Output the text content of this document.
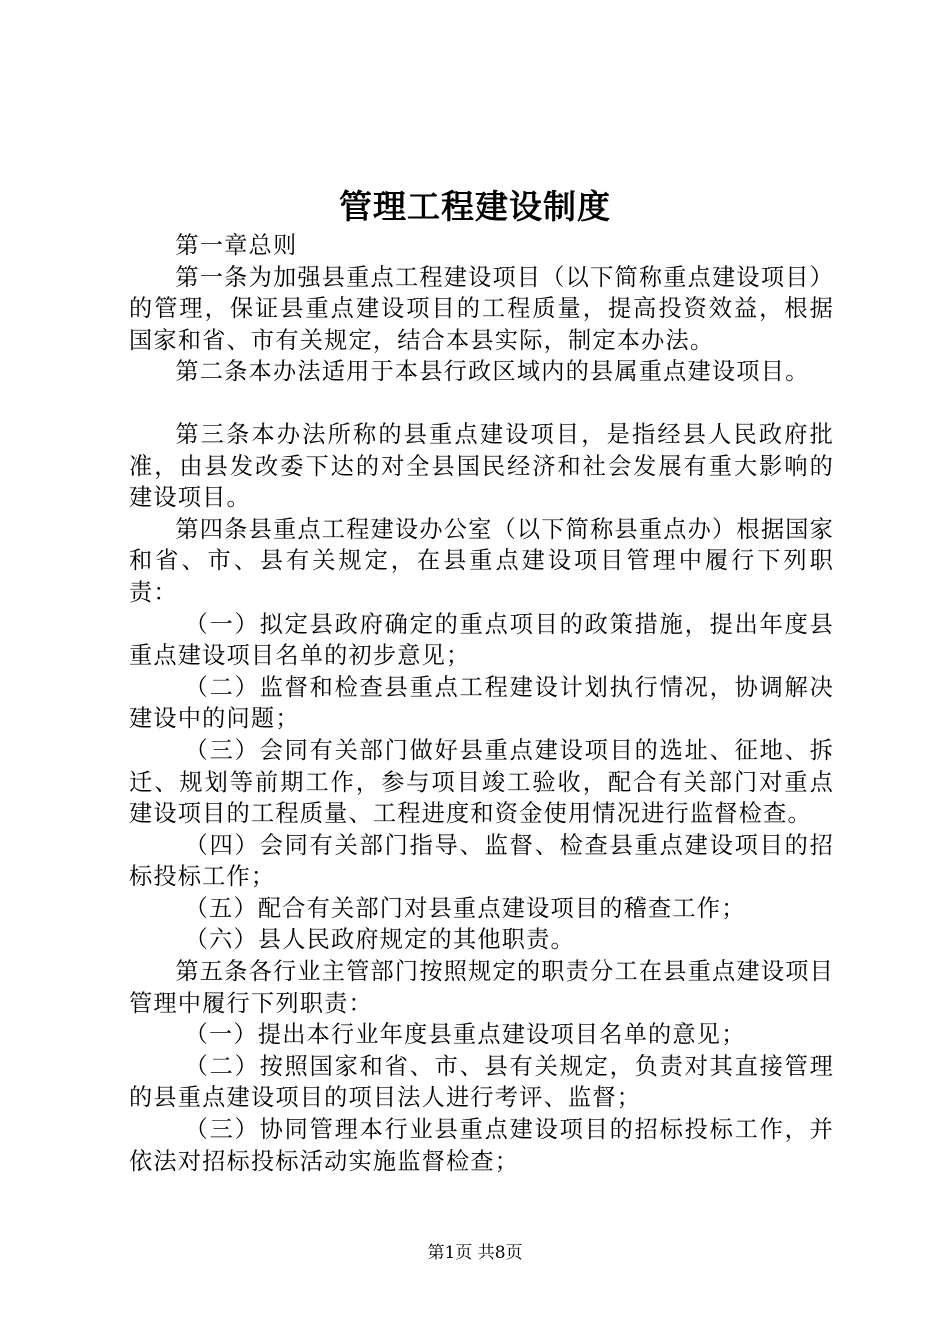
管理工程建设制度

第一章总则

第一条为加强县重点工程建设项目（以下简称重点建设项目）的管理，保证县重点建设项目的工程质量，提高投资效益，根据国家和省、市有关规定，结合本县实际，制定本办法。

第二条本办法适用于本县行政区域内的县属重点建设项目。

第三条本办法所称的县重点建设项目，是指经县人民政府批准，由县发改委下达的对全县国民经济和社会发展有重大影响的建设项目。

第四条县重点工程建设办公室（以下简称县重点办）根据国家和省、市、县有关规定，在县重点建设项目管理中履行下列职责：

（一）拟定县政府确定的重点项目的政策措施，提出年度县重点建设项目名单的初步意见；

（二）监督和检查县重点工程建设计划执行情况，协调解决建设中的问题；

（三）会同有关部门做好县重点建设项目的选址、征地、拆迁、规划等前期工作，参与项目竣工验收，配合有关部门对重点建设项目的工程质量、工程进度和资金使用情况进行监督检查。

（四）会同有关部门指导、监督、检查县重点建设项目的招标投标工作；

（五）配合有关部门对县重点建设项目的稽查工作；

（六）县人民政府规定的其他职责。

第五条各行业主管部门按照规定的职责分工在县重点建设项目管理中履行下列职责：

（一）提出本行业年度县重点建设项目名单的意见；

（二）按照国家和省、市、县有关规定，负责对其直接管理的县重点建设项目的项目法人进行考评、监督；

（三）协同管理本行业县重点建设项目的招标投标工作，并依法对招标投标活动实施监督检查；

第1页 共8页
